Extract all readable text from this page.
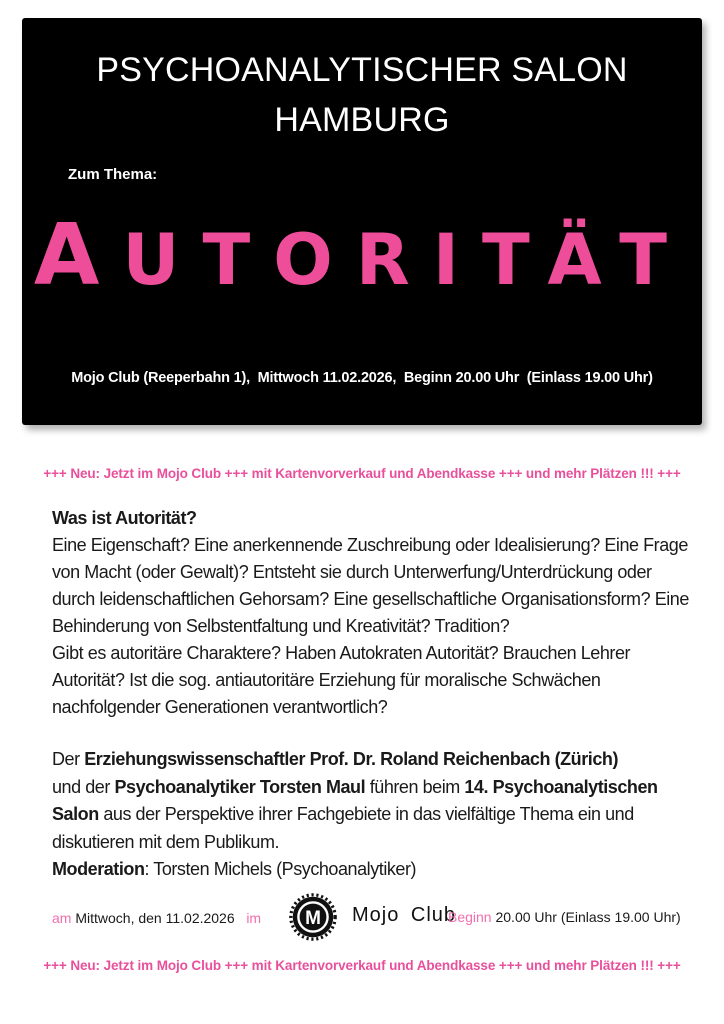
PSYCHOANALYTISCHER SALON
HAMBURG
Zum Thema:
AUTORITÄT
Mojo Club (Reeperbahn 1),  Mittwoch 11.02.2026,  Beginn 20.00 Uhr  (Einlass 19.00 Uhr)
+++ Neu: Jetzt im Mojo Club +++ mit Kartenvorverkauf und Abendkasse +++ und mehr Plätzen !!! +++
Was ist Autorität?
Eine Eigenschaft? Eine anerkennende Zuschreibung oder Idealisierung? Eine Frage
von Macht (oder Gewalt)? Entsteht sie durch Unterwerfung/Unterdrückung oder
durch leidenschaftlichen Gehorsam? Eine gesellschaftliche Organisationsform? Eine
Behinderung von Selbstentfaltung und Kreativität? Tradition?
Gibt es autoritäre Charaktere? Haben Autokraten Autorität? Brauchen Lehrer
Autorität? Ist die sog. antiautoritäre Erziehung für moralische Schwächen
nachfolgender Generationen verantwortlich?
Der Erziehungswissenschaftler Prof. Dr. Roland Reichenbach (Zürich)
und der Psychoanalytiker Torsten Maul führen beim 14. Psychoanalytischen
Salon aus der Perspektive ihrer Fachgebiete in das vielfältige Thema ein und
diskutieren mit dem Publikum.
Moderation: Torsten Michels (Psychoanalytiker)
am Mittwoch, den 11.02.2026   im M Mojo Club
Beginn 20.00 Uhr (Einlass 19.00 Uhr)
+++ Neu: Jetzt im Mojo Club +++ mit Kartenvorverkauf und Abendkasse +++ und mehr Plätzen !!! +++
